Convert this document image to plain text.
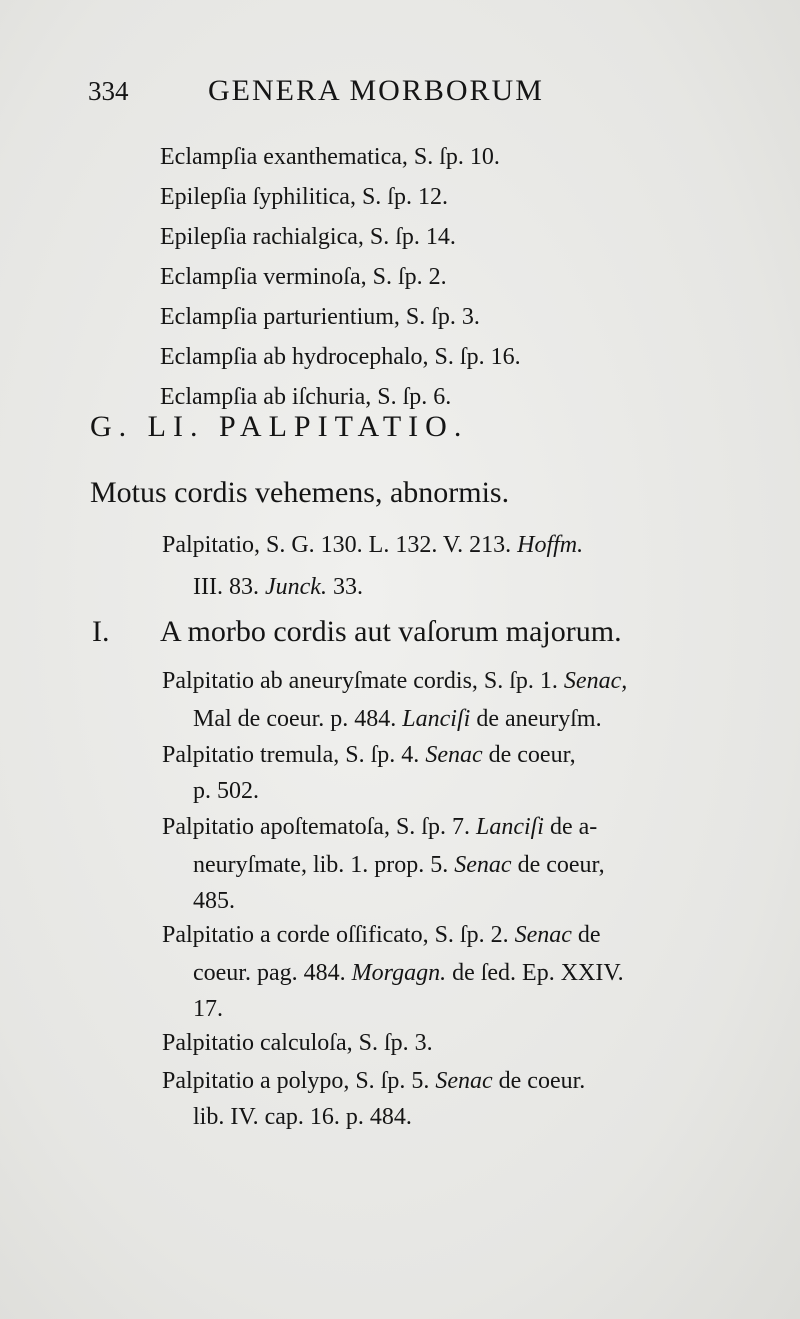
334	GENERA MORBORUM
Eclampſia exanthematica, S. ſp. 10.
Epilepſia ſyphilitica, S. ſp. 12.
Epilepſia rachialgica, S. ſp. 14.
Eclampſia verminoſa, S. ſp. 2.
Eclampſia parturientium, S. ſp. 3.
Eclampſia ab hydrocephalo, S. ſp. 16.
Eclampſia ab iſchuria, S. ſp. 6.
G. LI. PALPITATIO.
Motus cordis vehemens, abnormis.
Palpitatio, S. G. 130. L. 132. V. 213. Hoffm.
III. 83. Junck. 33.
I. A morbo cordis aut vaſorum majorum.
Palpitatio ab aneuryſmate cordis, S. ſp. 1. Senac,
Mal de coeur. p. 484. Lanciſi de aneuryſm.
Palpitatio tremula, S. ſp. 4. Senac de coeur,
p. 502.
Palpitatio apoſtematoſa, S. ſp. 7. Lanciſi de a-
neuryſmate, lib. 1. prop. 5. Senac de coeur,
485.
Palpitatio a corde oſſificato, S. ſp. 2. Senac de
coeur. pag. 484. Morgagn. de ſed. Ep. XXIV.
17.
Palpitatio calculoſa, S. ſp. 3.
Palpitatio a polypo, S. ſp. 5. Senac de coeur.
lib. IV. cap. 16. p. 484.
